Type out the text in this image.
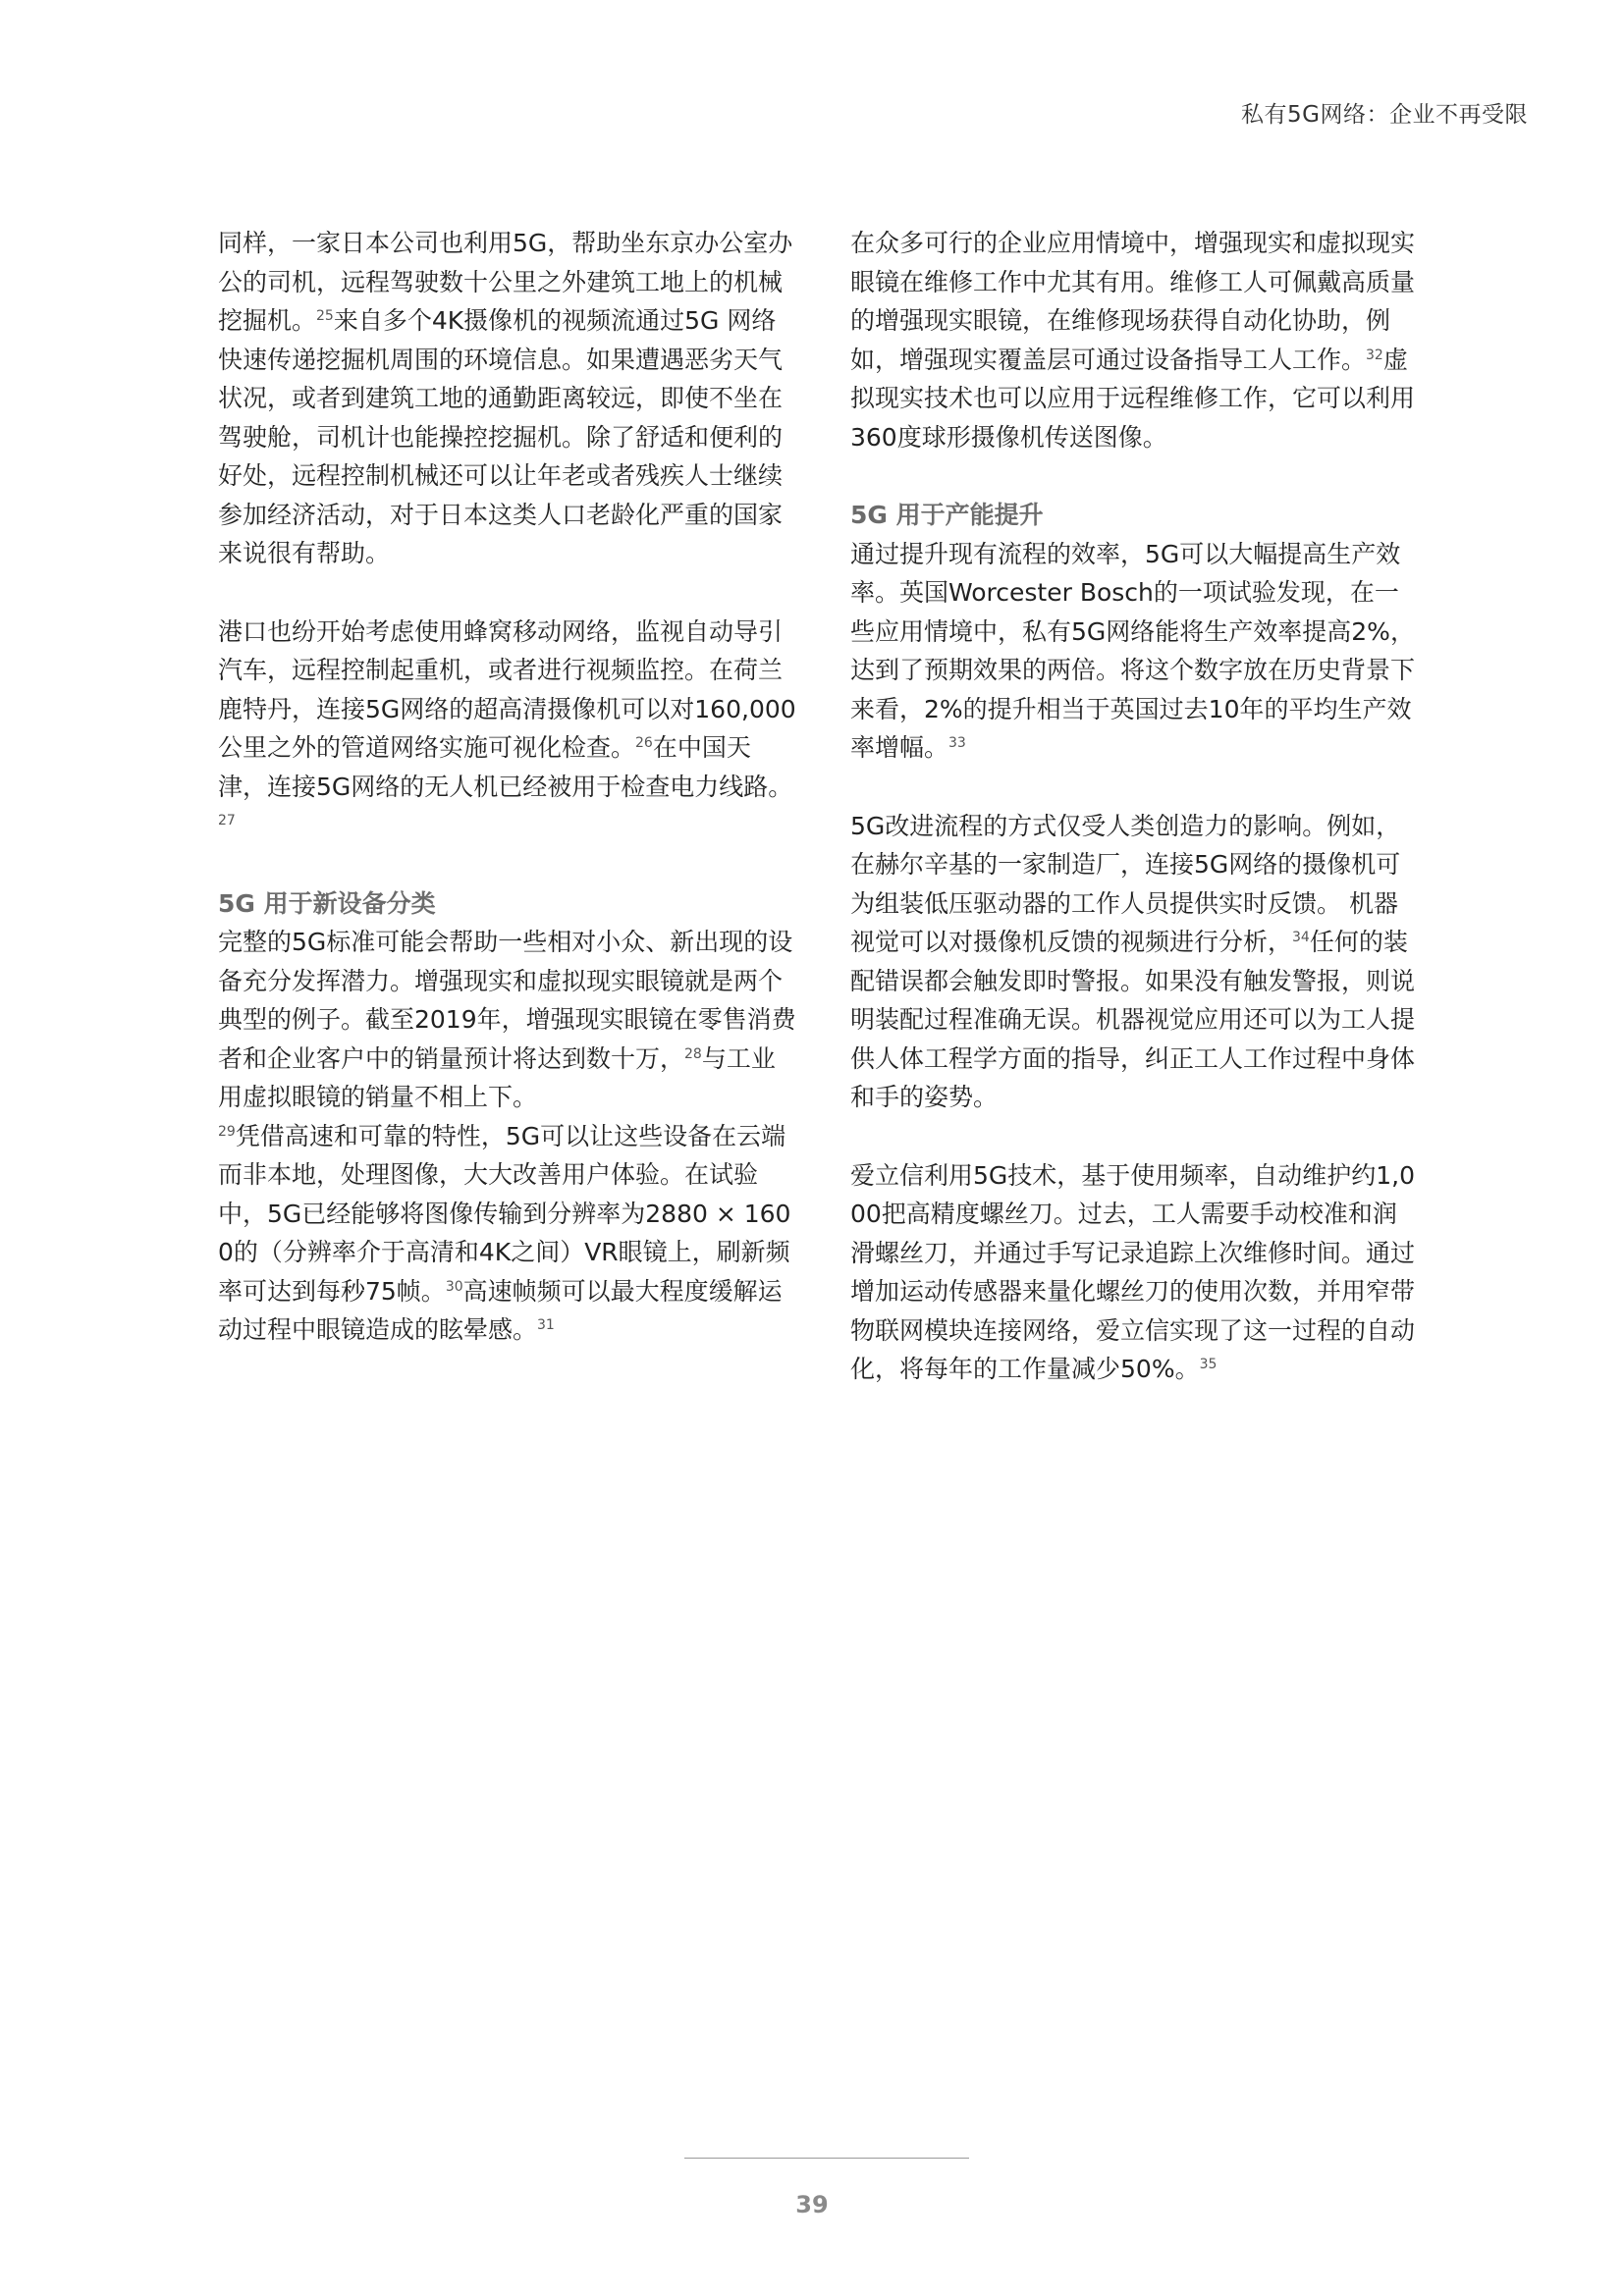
私有5G网络：企业不再受限

同样，一家日本公司也利用5G，帮助坐东京办公室办公的司机，远程驾驶数十公里之外建筑工地上的机械挖掘机。$^{25}$来自多个4K摄像机的视频流通过5G 网络快速传递挖掘机周围的环境信息。如果遭遇恶劣天气状况，或者到建筑工地的通勤距离较远，即使不坐在驾驶舱，司机计也能操控挖掘机。除了舒适和便利的好处，远程控制机械还可以让年老或者残疾人士继续参加经济活动，对于日本这类人口老龄化严重的国家来说很有帮助。

港口也纷开始考虑使用蜂窝移动网络，监视自动导引汽车，远程控制起重机，或者进行视频监控。在荷兰鹿特丹，连接5G网络的超高清摄像机可以对160,000公里之外的管道网络实施可视化检查。$^{26}$在中国天津，连接5G网络的无人机已经被用于检查电力线路。$^{27}$

5G 用于新设备分类

完整的5G标准可能会帮助一些相对小众、新出现的设备充分发挥潜力。增强现实和虚拟现实眼镜就是两个典型的例子。截至2019年，增强现实眼镜在零售消费者和企业客户中的销量预计将达到数十万，$^{28}$与工业用虚拟眼镜的销量不相上下。
$^{29}$凭借高速和可靠的特性，5G可以让这些设备在云端而非本地，处理图像，大大改善用户体验。在试验中，5G已经能够将图像传输到分辨率为2880 × 1600的（分辨率介于高清和4K之间）VR眼镜上，刷新频率可达到每秒75帧。$^{30}$高速帧频可以最大程度缓解运动过程中眼镜造成的眩晕感。$^{31}$

在众多可行的企业应用情境中，增强现实和虚拟现实眼镜在维修工作中尤其有用。维修工人可佩戴高质量的增强现实眼镜，在维修现场获得自动化协助，例如，增强现实覆盖层可通过设备指导工人工作。$^{32}$虚拟现实技术也可以应用于远程维修工作，它可以利用360度球形摄像机传送图像。

5G 用于产能提升

通过提升现有流程的效率，5G可以大幅提高生产效率。英国Worcester Bosch的一项试验发现，在一些应用情境中，私有5G网络能将生产效率提高2%，达到了预期效果的两倍。将这个数字放在历史背景下来看，2%的提升相当于英国过去10年的平均生产效率增幅。$^{33}$

5G改进流程的方式仅受人类创造力的影响。例如，在赫尔辛基的一家制造厂，连接5G网络的摄像机可为组装低压驱动器的工作人员提供实时反馈。 机器视觉可以对摄像机反馈的视频进行分析，$^{34}$任何的装配错误都会触发即时警报。如果没有触发警报，则说明装配过程准确无误。机器视觉应用还可以为工人提供人体工程学方面的指导，纠正工人工作过程中身体和手的姿势。

爱立信利用5G技术，基于使用频率，自动维护约1,000把高精度螺丝刀。过去，工人需要手动校准和润滑螺丝刀，并通过手写记录追踪上次维修时间。通过增加运动传感器来量化螺丝刀的使用次数，并用窄带物联网模块连接网络，爱立信实现了这一过程的自动化，将每年的工作量减少50%。$^{35}$

39
